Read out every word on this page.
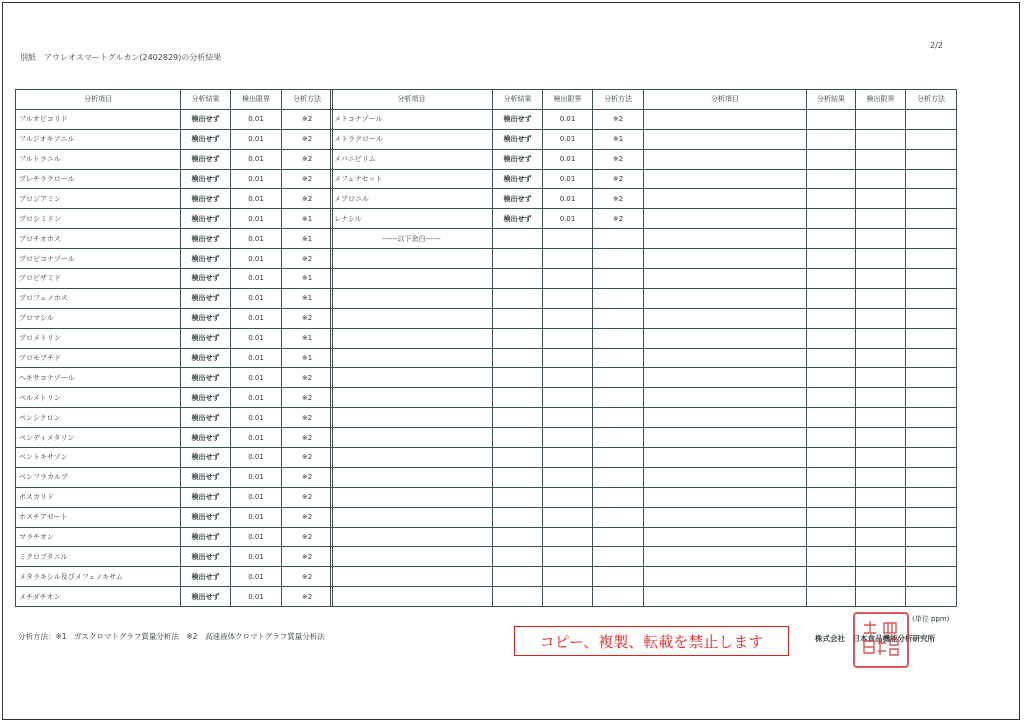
別紙　アウレオスマートグルカン(2402829)の分析結果
2/2
分析項目	分析結果	検出限界	分析方法
フルオピコリド	検出せず	0.01	※2
フルジオキソニル	検出せず	0.01	※2
フルトラニル	検出せず	0.01	※2
プレチラクロール	検出せず	0.01	※2
プロジアミン	検出せず	0.01	※2
プロシミドン	検出せず	0.01	※1
プロチオホス	検出せず	0.01	※1
プロピコナゾール	検出せず	0.01	※2
プロピザミド	検出せず	0.01	※1
プロフェノホス	検出せず	0.01	※1
ブロマシル	検出せず	0.01	※2
プロメトリン	検出せず	0.01	※1
プロモブチド	検出せず	0.01	※1
ヘキサコナゾール	検出せず	0.01	※2
ペルメトリン	検出せず	0.01	※2
ペンシクロン	検出せず	0.01	※2
ペンディメタリン	検出せず	0.01	※2
ベントキサゾン	検出せず	0.01	※2
ベンフラカルブ	検出せず	0.01	※2
ボスカリド	検出せず	0.01	※2
ホスチアゼート	検出せず	0.01	※2
マラチオン	検出せず	0.01	※2
ミクロブタニル	検出せず	0.01	※2
メタラキシル及びメフェノキサム	検出せず	0.01	※2
メチダチオン	検出せず	0.01	※2
分析項目	分析結果	検出限界	分析方法
メトコナゾール	検出せず	0.01	※2
メトラクロール	検出せず	0.01	※1
メパニピリム	検出せず	0.01	※2
メフェナセット	検出せず	0.01	※2
メプロニル	検出せず	0.01	※2
レナシル	検出せず	0.01	※2
------以下余白------			

分析項目	分析結果	検出限界	分析方法

(単位 ppm)
分析方法：※1　ガスクロマトグラフ質量分析法　※2　高速液体クロマトグラフ質量分析法	コピー、複製、転載を禁止します	株式会社　日本食品機能分析研究所
